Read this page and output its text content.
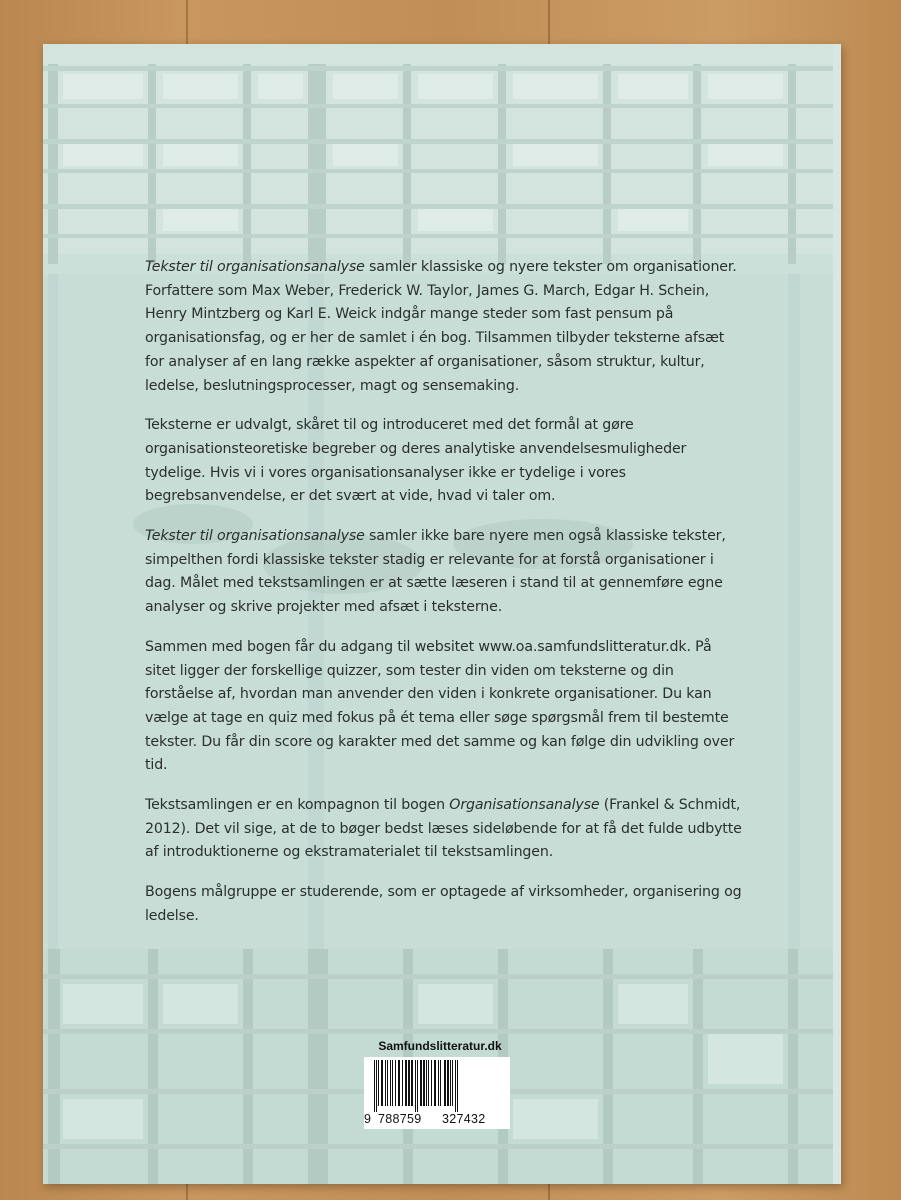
Tekster til organisationsanalyse samler klassiske og nyere tekster om organisationer. Forfattere som Max Weber, Frederick W. Taylor, James G. March, Edgar H. Schein, Henry Mintzberg og Karl E. Weick indgår mange steder som fast pensum på organisationsfag, og er her de samlet i én bog. Tilsammen tilbyder teksterne afsæt for analyser af en lang række aspekter af organisationer, såsom struktur, kultur, ledelse, beslutningsprocesser, magt og sensemaking.

Teksterne er udvalgt, skåret til og introduceret med det formål at gøre organisationsteoretiske begreber og deres analytiske anvendelsesmuligheder tydelige. Hvis vi i vores organisationsanalyser ikke er tydelige i vores begrebsanvendelse, er det svært at vide, hvad vi taler om.

Tekster til organisationsanalyse samler ikke bare nyere men også klassiske tekster, simpelthen fordi klassiske tekster stadig er relevante for at forstå organisationer i dag. Målet med tekstsamlingen er at sætte læseren i stand til at gennemføre egne analyser og skrive projekter med afsæt i teksterne.

Sammen med bogen får du adgang til websitet www.oa.samfundslitteratur.dk. På sitet ligger der forskellige quizzer, som tester din viden om teksterne og din forståelse af, hvordan man anvender den viden i konkrete organisationer. Du kan vælge at tage en quiz med fokus på ét tema eller søge spørgsmål frem til bestemte tekster. Du får din score og karakter med det samme og kan følge din udvikling over tid.

Tekstsamlingen er en kompagnon til bogen Organisationsanalyse (Frankel & Schmidt, 2012). Det vil sige, at de to bøger bedst læses sideløbende for at få det fulde udbytte af introduktionerne og ekstramaterialet til tekstsamlingen.

Bogens målgruppe er studerende, som er optagede af virksomheder, organisering og ledelse.

Samfundslitteratur.dk
9 788759 327432
